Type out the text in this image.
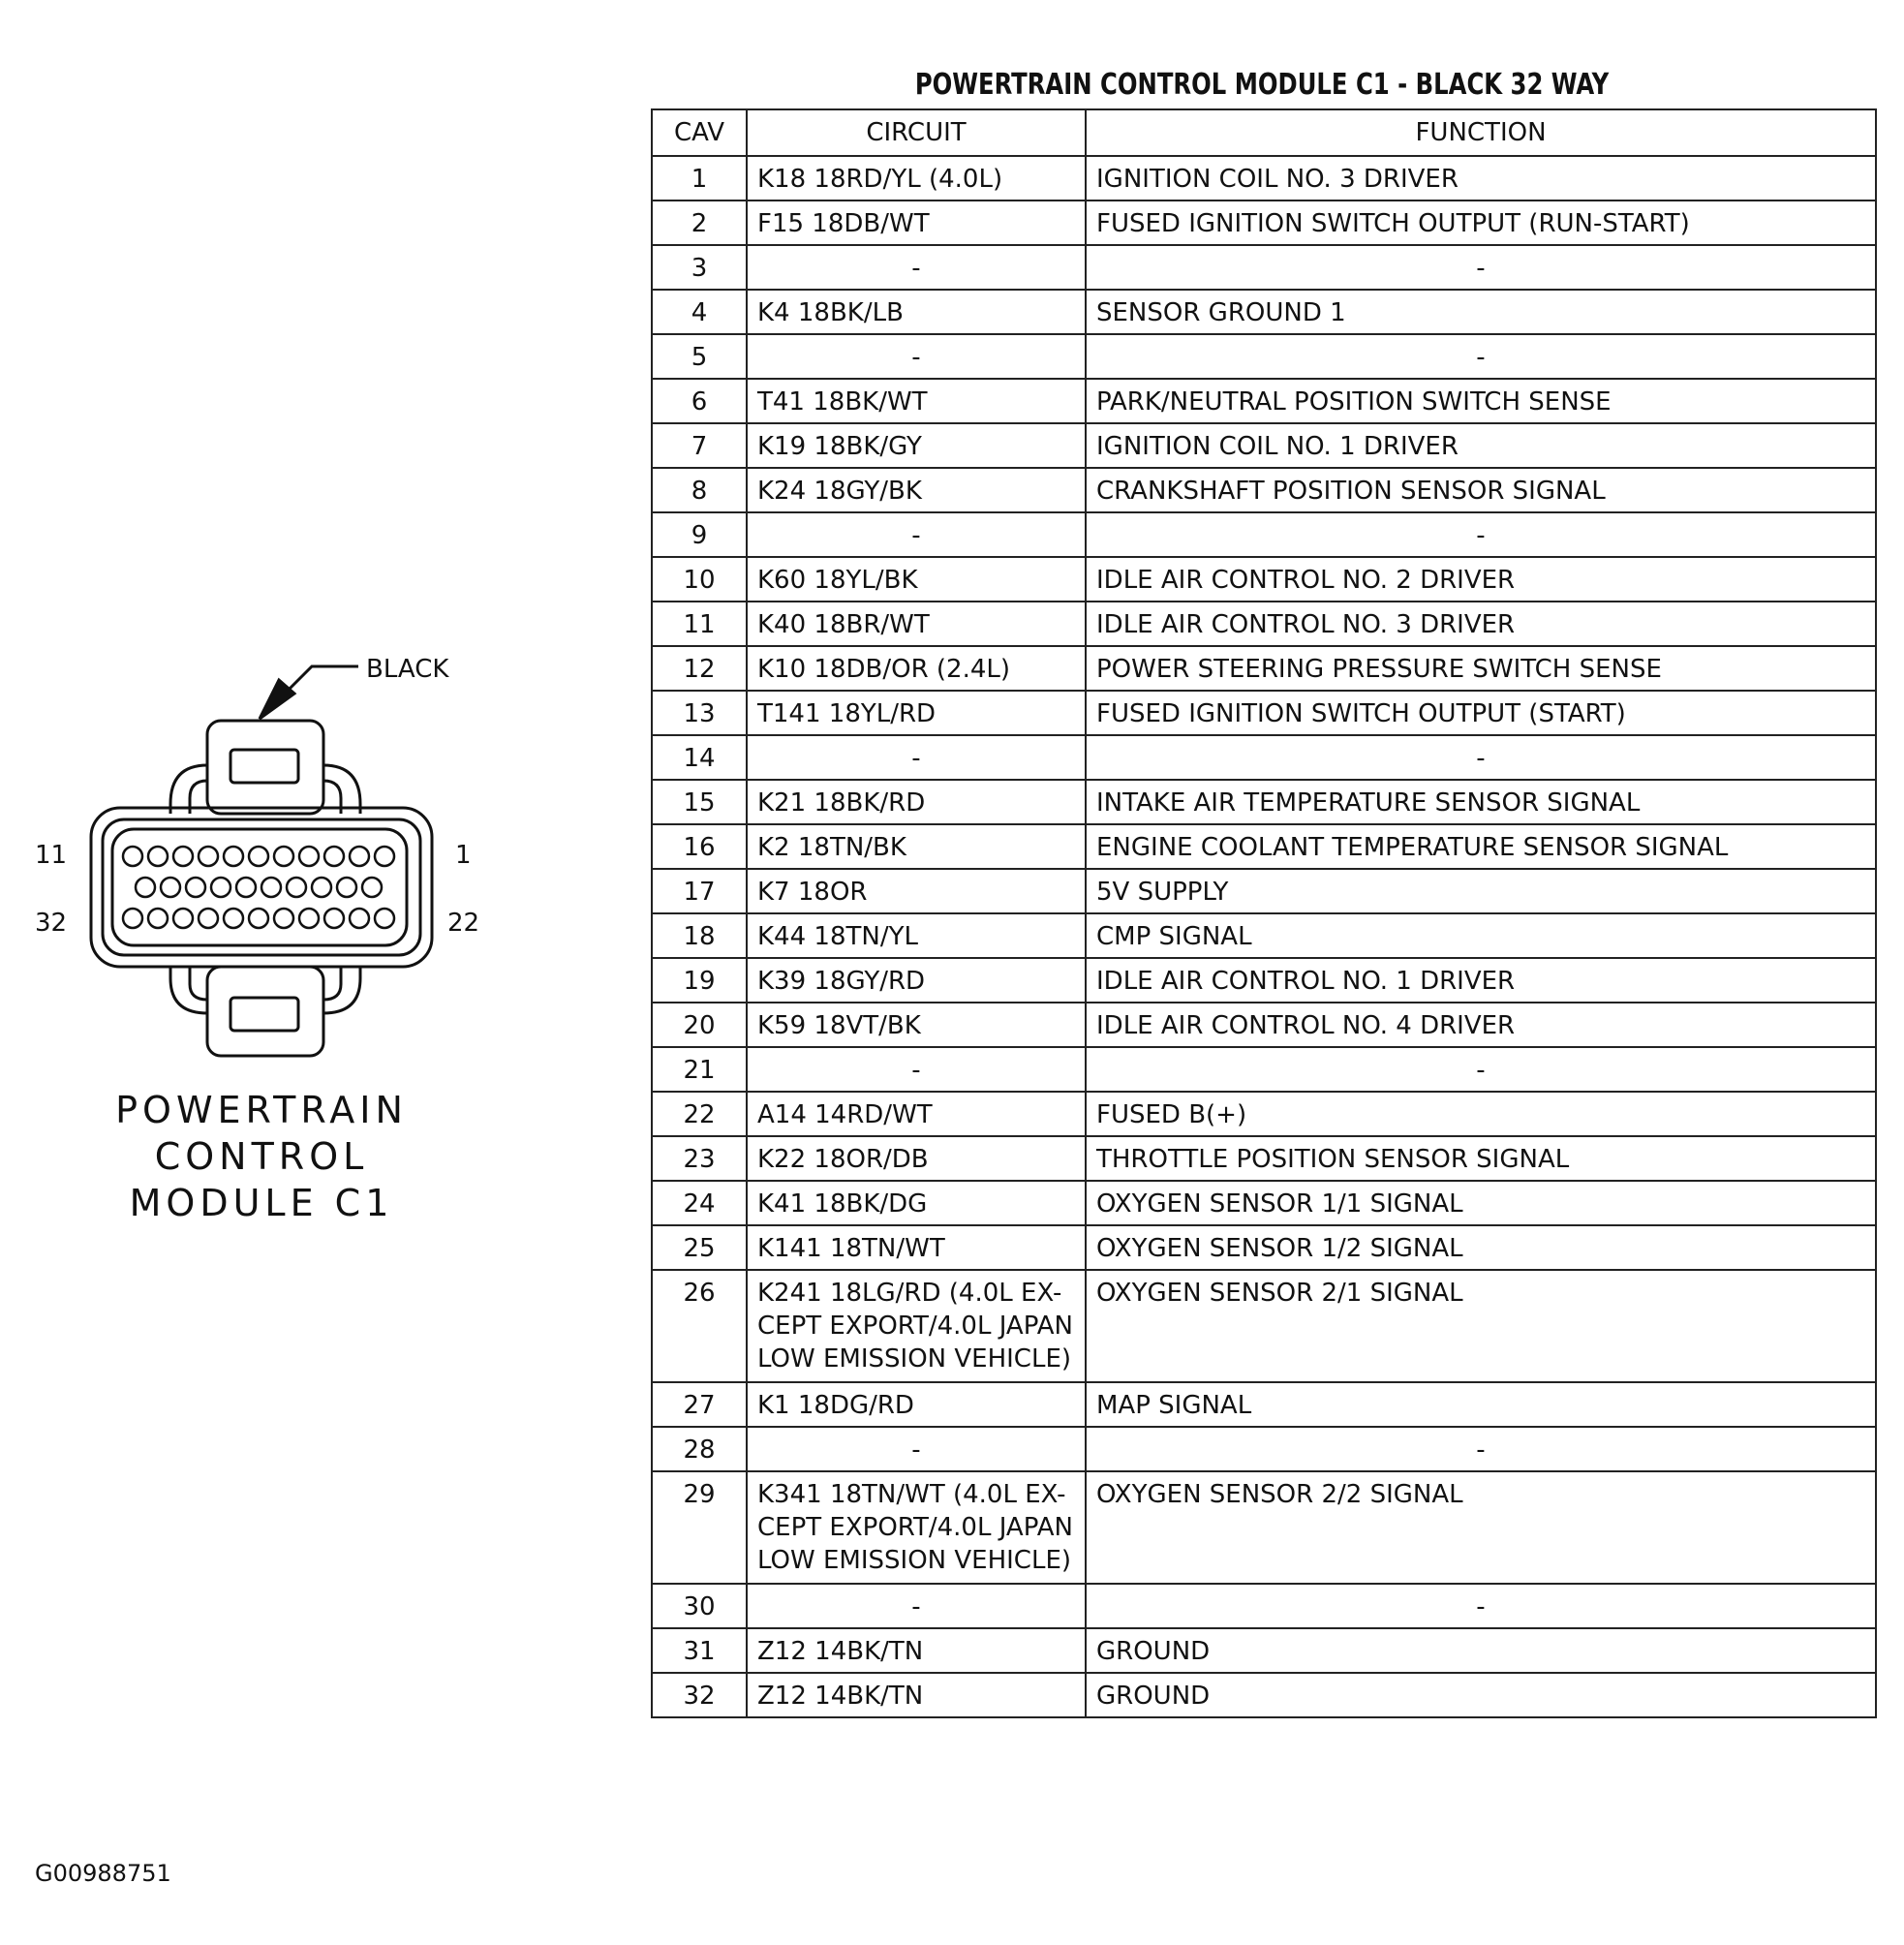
BLACK
11	1
32	22
POWERTRAIN
CONTROL
MODULE C1
POWERTRAIN CONTROL MODULE C1 - BLACK 32 WAY
CAV	CIRCUIT	FUNCTION
1	K18 18RD/YL (4.0L)	IGNITION COIL NO. 3 DRIVER
2	F15 18DB/WT	FUSED IGNITION SWITCH OUTPUT (RUN-START)
3	-	-
4	K4 18BK/LB	SENSOR GROUND 1
5	-	-
6	T41 18BK/WT	PARK/NEUTRAL POSITION SWITCH SENSE
7	K19 18BK/GY	IGNITION COIL NO. 1 DRIVER
8	K24 18GY/BK	CRANKSHAFT POSITION SENSOR SIGNAL
9	-	-
10	K60 18YL/BK	IDLE AIR CONTROL NO. 2 DRIVER
11	K40 18BR/WT	IDLE AIR CONTROL NO. 3 DRIVER
12	K10 18DB/OR (2.4L)	POWER STEERING PRESSURE SWITCH SENSE
13	T141 18YL/RD	FUSED IGNITION SWITCH OUTPUT (START)
14	-	-
15	K21 18BK/RD	INTAKE AIR TEMPERATURE SENSOR SIGNAL
16	K2 18TN/BK	ENGINE COOLANT TEMPERATURE SENSOR SIGNAL
17	K7 18OR	5V SUPPLY
18	K44 18TN/YL	CMP SIGNAL
19	K39 18GY/RD	IDLE AIR CONTROL NO. 1 DRIVER
20	K59 18VT/BK	IDLE AIR CONTROL NO. 4 DRIVER
21	-	-
22	A14 14RD/WT	FUSED B(+)
23	K22 18OR/DB	THROTTLE POSITION SENSOR SIGNAL
24	K41 18BK/DG	OXYGEN SENSOR 1/1 SIGNAL
25	K141 18TN/WT	OXYGEN SENSOR 1/2 SIGNAL
26	K241 18LG/RD (4.0L EX-
CEPT EXPORT/4.0L JAPAN
LOW EMISSION VEHICLE)	OXYGEN SENSOR 2/1 SIGNAL
27	K1 18DG/RD	MAP SIGNAL
28	-	-
29	K341 18TN/WT (4.0L EX-
CEPT EXPORT/4.0L JAPAN
LOW EMISSION VEHICLE)	OXYGEN SENSOR 2/2 SIGNAL
30	-	-
31	Z12 14BK/TN	GROUND
32	Z12 14BK/TN	GROUND
G00988751
